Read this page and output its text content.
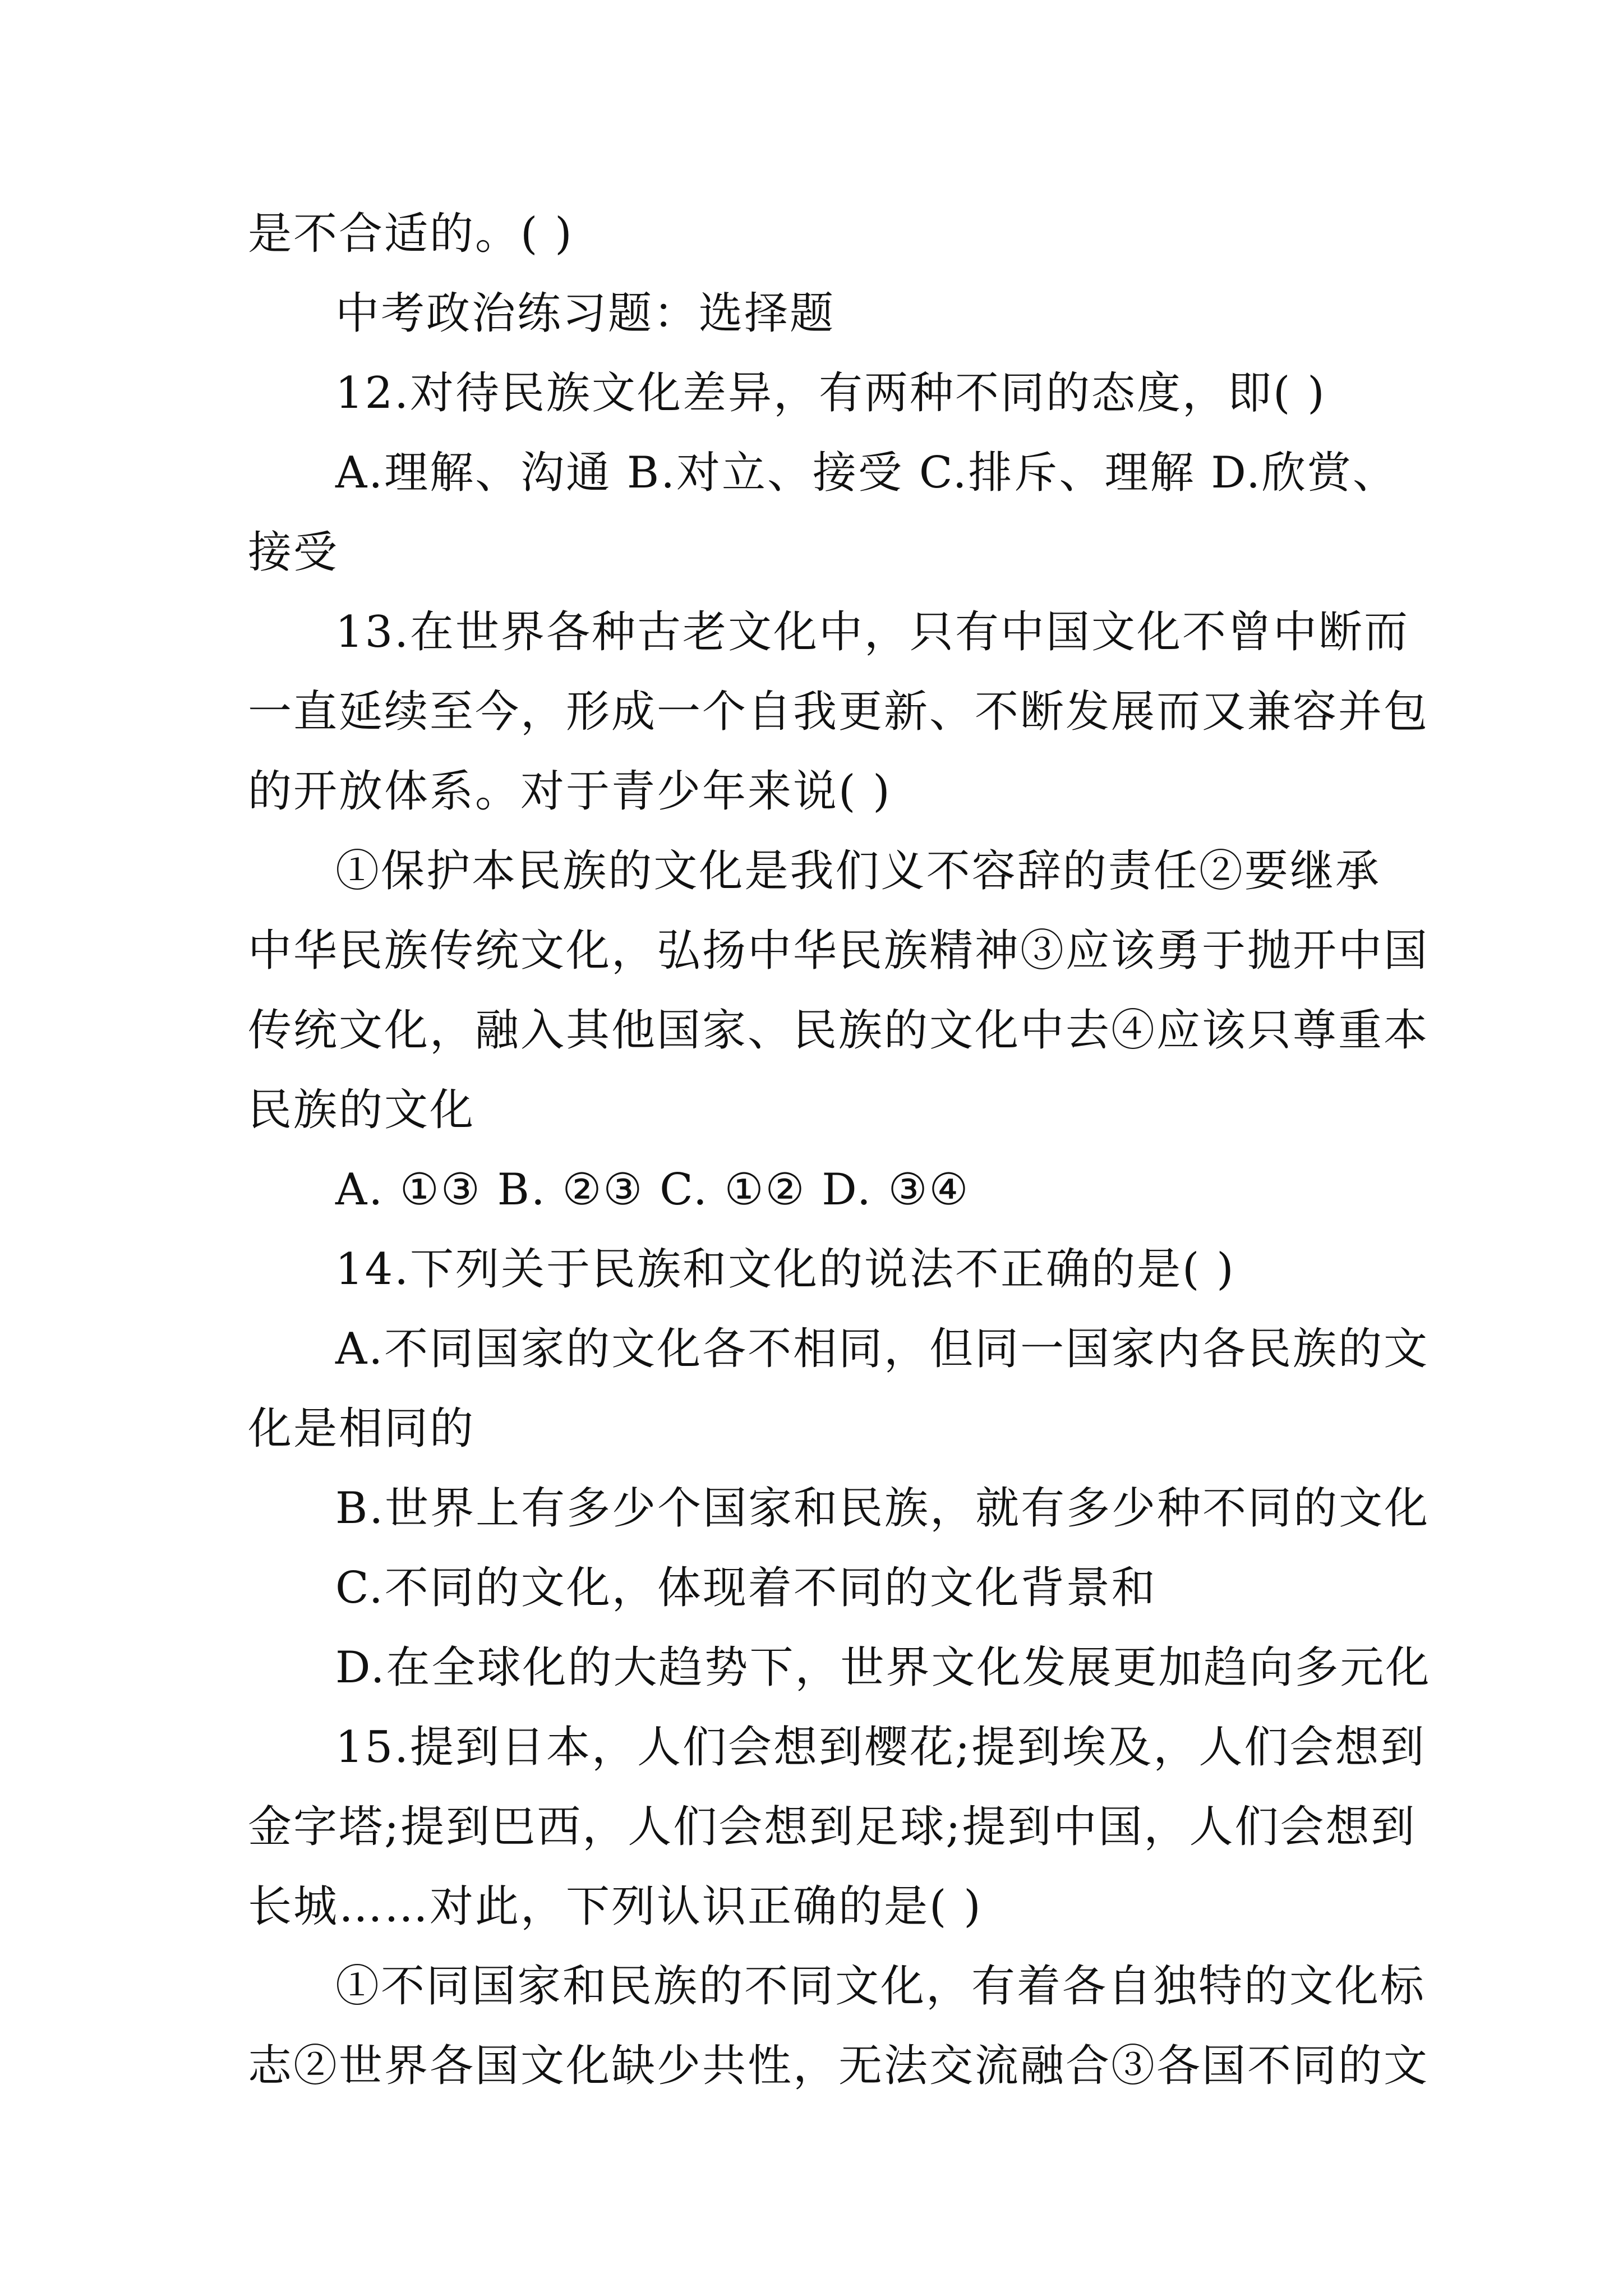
是不合适的。( )
中考政治练习题：选择题
12.对待民族文化差异，有两种不同的态度，即( )
A.理解、沟通 B.对立、接受 C.排斥、理解 D.欣赏、
接受
13.在世界各种古老文化中，只有中国文化不曾中断而
一直延续至今，形成一个自我更新、不断发展而又兼容并包
的开放体系。对于青少年来说( )
①保护本民族的文化是我们义不容辞的责任②要继承
中华民族传统文化，弘扬中华民族精神③应该勇于抛开中国
传统文化，融入其他国家、民族的文化中去④应该只尊重本
民族的文化
A. ①③ B. ②③ C. ①② D. ③④
14.下列关于民族和文化的说法不正确的是( )
A.不同国家的文化各不相同，但同一国家内各民族的文
化是相同的
B.世界上有多少个国家和民族，就有多少种不同的文化
C.不同的文化，体现着不同的文化背景和
D.在全球化的大趋势下，世界文化发展更加趋向多元化
15.提到日本，人们会想到樱花;提到埃及，人们会想到
金字塔;提到巴西，人们会想到足球;提到中国，人们会想到
长城……对此，下列认识正确的是( )
①不同国家和民族的不同文化，有着各自独特的文化标
志②世界各国文化缺少共性，无法交流融合③各国不同的文
